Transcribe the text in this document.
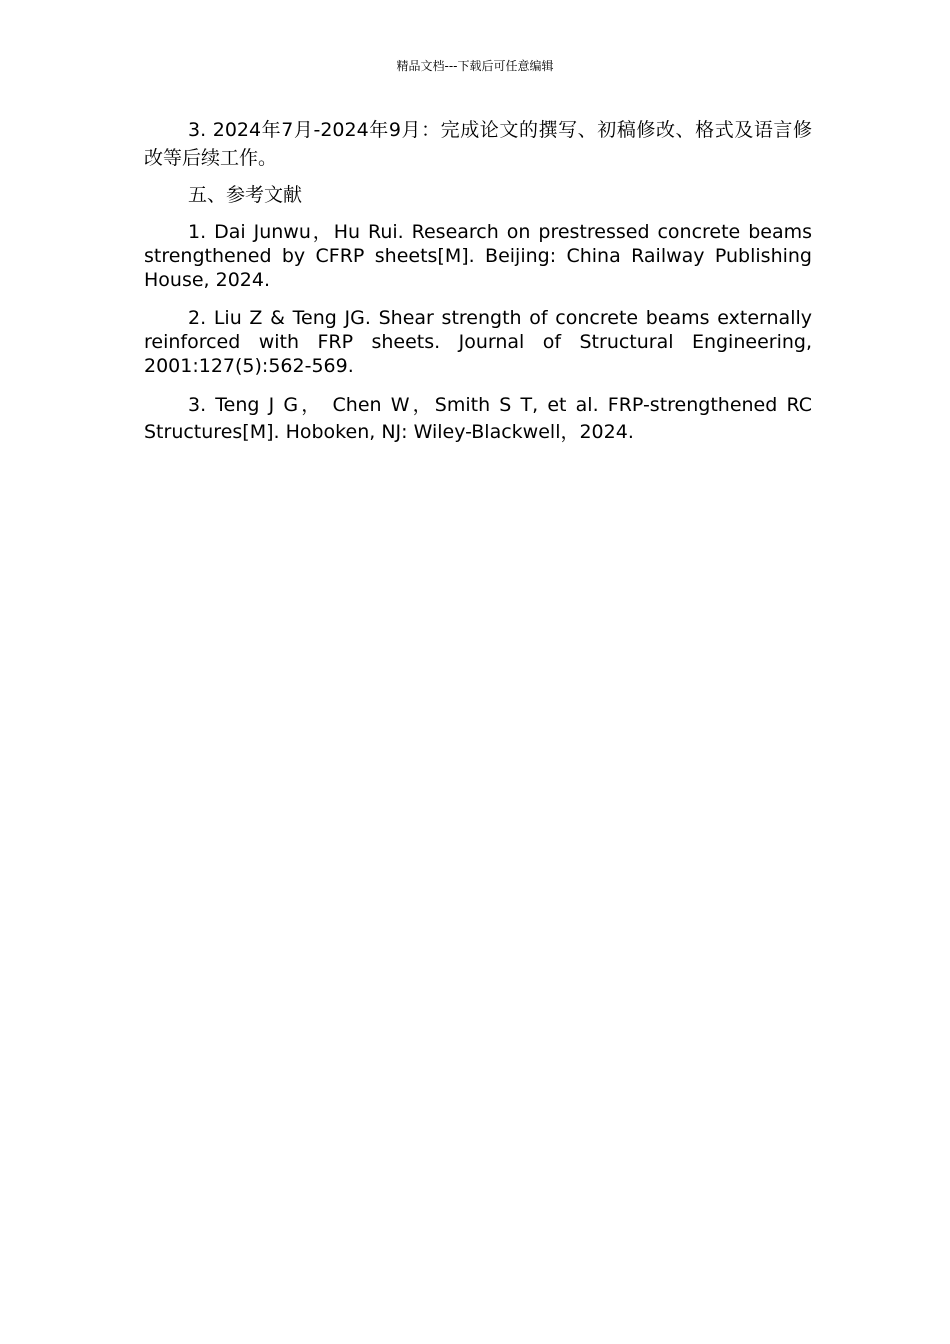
精品文档---下载后可任意编辑

3. 2024年7月-2024年9月：完成论文的撰写、初稿修改、格式及语言修改等后续工作。

五、参考文献

1. Dai Junwu，Hu Rui. Research on prestressed concrete beams strengthened by CFRP sheets[M]. Beijing: China Railway Publishing House, 2024.

2. Liu Z & Teng JG. Shear strength of concrete beams externally reinforced with FRP sheets. Journal of Structural Engineering, 2001:127(5):562-569.

3. Teng J G， Chen W，Smith S T, et al. FRP-strengthened RC Structures[M]. Hoboken, NJ: Wiley-Blackwell，2024.
